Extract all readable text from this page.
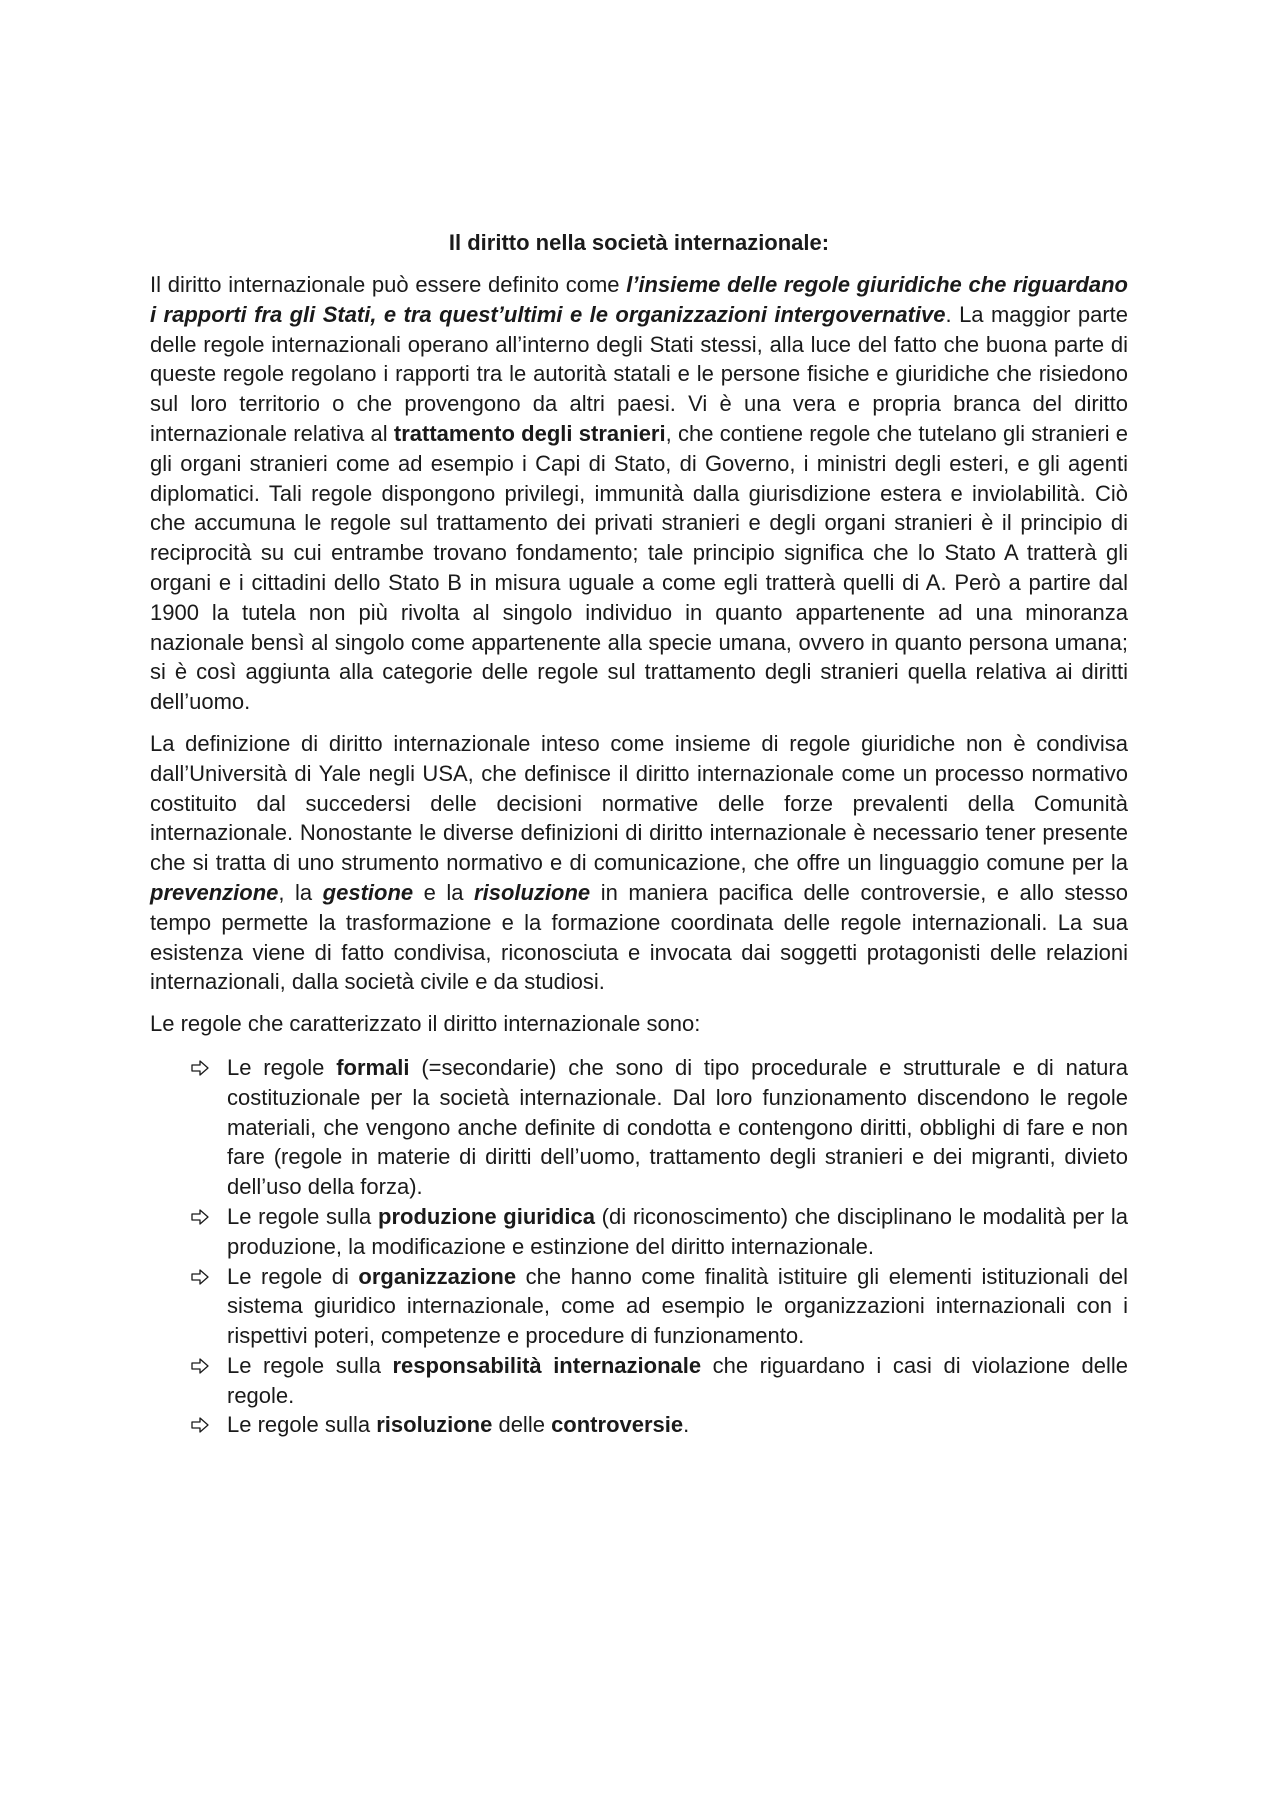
Il diritto nella società internazionale:

Il diritto internazionale può essere definito come l’insieme delle regole giuridiche che riguardano i rapporti fra gli Stati, e tra quest’ultimi e le organizzazioni intergovernative. La maggior parte delle regole internazionali operano all’interno degli Stati stessi, alla luce del fatto che buona parte di queste regole regolano i rapporti tra le autorità statali e le persone fisiche e giuridiche che risiedono sul loro territorio o che provengono da altri paesi. Vi è una vera e propria branca del diritto internazionale relativa al trattamento degli stranieri, che contiene regole che tutelano gli stranieri e gli organi stranieri come ad esempio i Capi di Stato, di Governo, i ministri degli esteri, e gli agenti diplomatici. Tali regole dispongono privilegi, immunità dalla giurisdizione estera e inviolabilità. Ciò che accumuna le regole sul trattamento dei privati stranieri e degli organi stranieri è il principio di reciprocità su cui entrambe trovano fondamento; tale principio significa che lo Stato A tratterà gli organi e i cittadini dello Stato B in misura uguale a come egli tratterà quelli di A. Però a partire dal 1900 la tutela non più rivolta al singolo individuo in quanto appartenente ad una minoranza nazionale bensì al singolo come appartenente alla specie umana, ovvero in quanto persona umana; si è così aggiunta alla categorie delle regole sul trattamento degli stranieri quella relativa ai diritti dell’uomo.

La definizione di diritto internazionale inteso come insieme di regole giuridiche non è condivisa dall’Università di Yale negli USA, che definisce il diritto internazionale come un processo normativo costituito dal succedersi delle decisioni normative delle forze prevalenti della Comunità internazionale. Nonostante le diverse definizioni di diritto internazionale è necessario tener presente che si tratta di uno strumento normativo e di comunicazione, che offre un linguaggio comune per la prevenzione, la gestione e la risoluzione in maniera pacifica delle controversie, e allo stesso tempo permette la trasformazione e la formazione coordinata delle regole internazionali. La sua esistenza viene di fatto condivisa, riconosciuta e invocata dai soggetti protagonisti delle relazioni internazionali, dalla società civile e da studiosi.

Le regole che caratterizzato il diritto internazionale sono:

Le regole formali (=secondarie) che sono di tipo procedurale e strutturale e di natura costituzionale per la società internazionale. Dal loro funzionamento discendono le regole materiali, che vengono anche definite di condotta e contengono diritti, obblighi di fare e non fare (regole in materie di diritti dell’uomo, trattamento degli stranieri e dei migranti, divieto dell’uso della forza).
Le regole sulla produzione giuridica (di riconoscimento) che disciplinano le modalità per la produzione, la modificazione e estinzione del diritto internazionale.
Le regole di organizzazione che hanno come finalità istituire gli elementi istituzionali del sistema giuridico internazionale, come ad esempio le organizzazioni internazionali con i rispettivi poteri, competenze e procedure di funzionamento.
Le regole sulla responsabilità internazionale che riguardano i casi di violazione delle regole.
Le regole sulla risoluzione delle controversie.
